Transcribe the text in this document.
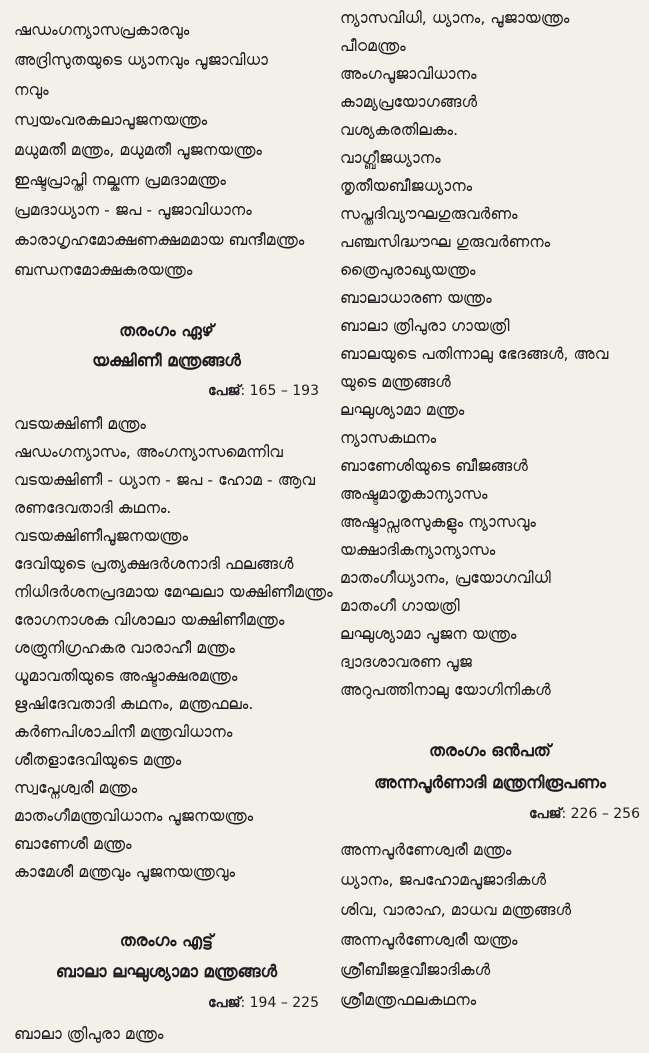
ഷഡംഗന്യാസപ്രകാരവും
അദ്രിസുതയുടെ ധ്യാനവും പൂജാവിധാ
നവും
സ്വയംവരകലാപൂജനയന്ത്രം
മധുമതീ മന്ത്രം, മധുമതീ പൂജനയന്ത്രം
ഇഷ്ടപ്രാപ്തി നല്കുന്ന പ്രമദാമന്ത്രം
പ്രമദാധ്യാന - ജപ - പൂജാവിധാനം
കാരാഗൃഹമോക്ഷണക്ഷമമായ ബന്ദീമന്ത്രം
ബന്ധനമോക്ഷകരയന്ത്രം
തരംഗം ഏഴ്
യക്ഷിണീ മന്ത്രങ്ങൾ
പേജ്: 165 – 193
വടയക്ഷിണീ മന്ത്രം
ഷഡംഗന്യാസം, അംഗന്യാസമെന്നിവ
വടയക്ഷിണീ - ധ്യാന - ജപ - ഹോമ - ആവ
രണദേവതാദി കഥനം.
വടയക്ഷിണീപൂജനയന്ത്രം
ദേവിയുടെ പ്രത്യക്ഷദർശനാദി ഫലങ്ങൾ
നിധിദർശനപ്രദമായ മേഘലാ യക്ഷിണീമന്ത്രം
രോഗനാശക വിശാലാ യക്ഷിണീമന്ത്രം
ശത്രുനിഗ്രഹകര വാരാഹീ മന്ത്രം
ധൂമാവതിയുടെ അഷ്ടാക്ഷരമന്ത്രം
ഋഷിദേവതാദി കഥനം, മന്ത്രഫലം.
കർണപിശാചിനീ മന്ത്രവിധാനം
ശീതളാദേവിയുടെ മന്ത്രം
സ്വപ്നേശ്വരീ മന്ത്രം
മാതംഗീമന്ത്രവിധാനം പൂജനയന്ത്രം
ബാണേശീ മന്ത്രം
കാമേശീ മന്ത്രവും പൂജനയന്ത്രവും
തരംഗം എട്ട്
ബാലാ ലഘുശ്യാമാ മന്ത്രങ്ങൾ
പേജ്: 194 – 225
ബാലാ ത്രിപുരാ മന്ത്രം
ന്യാസവിധി, ധ്യാനം, പൂജായന്ത്രം
പീഠമന്ത്രം
അംഗപൂജാവിധാനം
കാമ്യപ്രയോഗങ്ങൾ
വശ്യകരതിലകം.
വാഗ്ബീജധ്യാനം
തൃതീയബീജധ്യാനം
സപ്തദിവ്യൗഘഗുരുവർണം
പഞ്ചസിദ്ധൗഘ ഗുരുവർണനം
ത്രൈപുരാഖ്യയന്ത്രം
ബാലാധാരണ യന്ത്രം
ബാലാ ത്രിപുരാ ഗായത്രി
ബാലയുടെ പതിന്നാലു ഭേദങ്ങൾ, അവ
യുടെ മന്ത്രങ്ങൾ
ലഘുശ്യാമാ മന്ത്രം
ന്യാസകഥനം
ബാണേശിയുടെ ബീജങ്ങൾ
അഷ്ടമാതൃകാന്യാസം
അഷ്ടാപ്സരസുകളും ന്യാസവും
യക്ഷാദികന്യാന്യാസം
മാതംഗീധ്യാനം, പ്രയോഗവിധി
മാതംഗീ ഗായത്രി
ലഘുശ്യാമാ പൂജന യന്ത്രം
ദ്വാദശാവരണ പൂജ
അറുപത്തിനാലു യോഗിനികൾ
തരംഗം ഒൻപത്
അന്നപൂർണാദി മന്ത്രനിരൂപണം
പേജ്: 226 – 256
അന്നപൂർണേശ്വരീ മന്ത്രം
ധ്യാനം, ജപഹോമപൂജാദികൾ
ശിവ, വാരാഹ, മാധവ മന്ത്രങ്ങൾ
അന്നപൂർണേശ്വരീ യന്ത്രം
ശ്രീബീജഭുവീജാദികൾ
ശ്രീമന്ത്രഫലകഥനം
